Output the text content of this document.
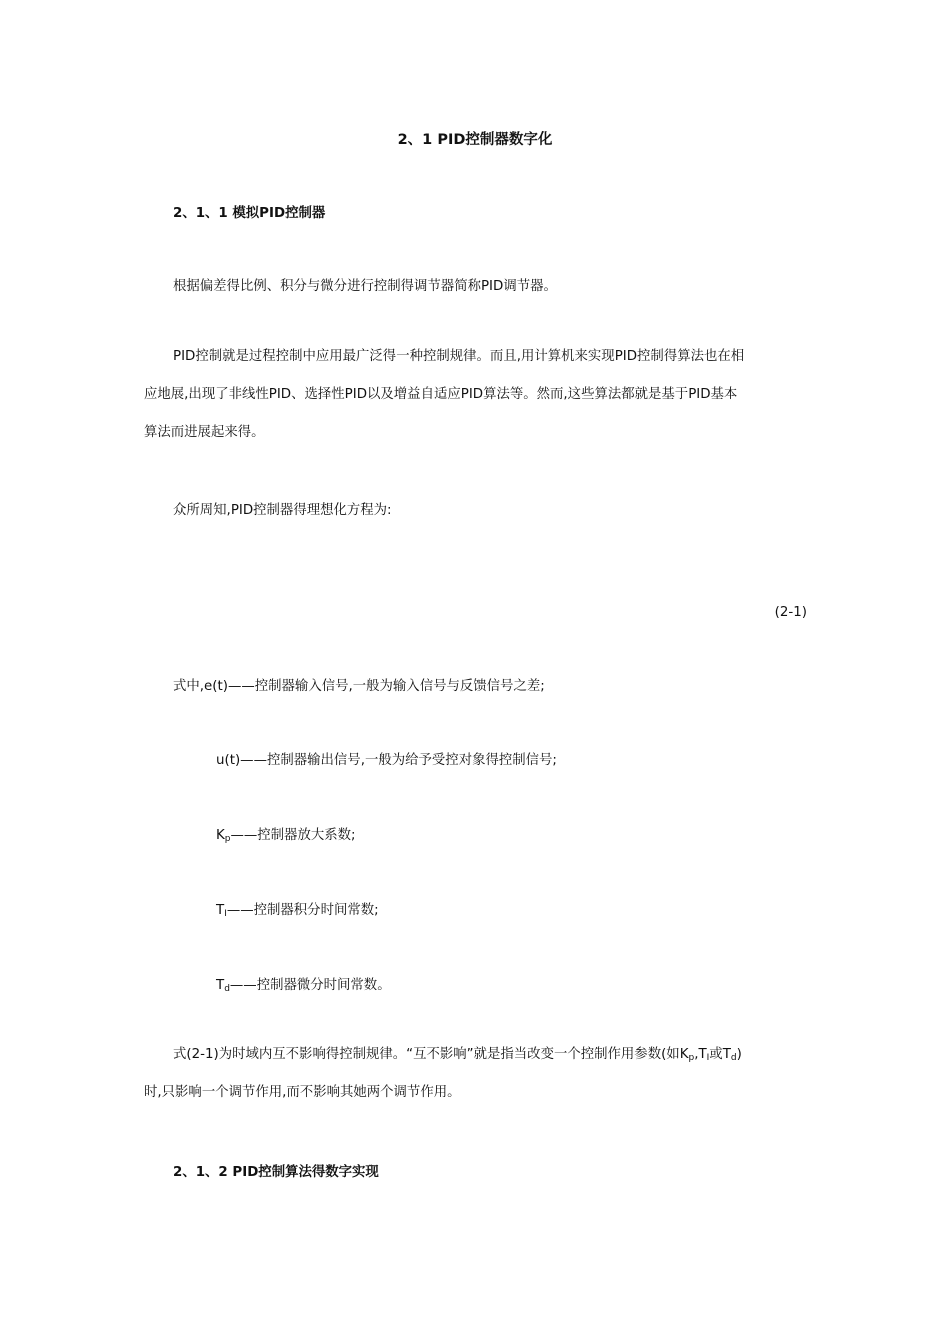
2、1 PID控制器数字化
2、1、1 模拟PID控制器
根据偏差得比例、积分与微分进行控制得调节器简称PID调节器。
PID控制就是过程控制中应用最广泛得一种控制规律。而且,用计算机来实现PID控制得算法也在相
应地展,出现了非线性PID、选择性PID以及增益自适应PID算法等。然而,这些算法都就是基于PID基本
算法而进展起来得。
众所周知,PID控制器得理想化方程为:
(2-1)
式中,e(t)——控制器输入信号,一般为输入信号与反馈信号之差;
u(t)——控制器输出信号,一般为给予受控对象得控制信号;
$K_p——$控制器放大系数;
$T_I——$控制器积分时间常数;
$T_d——$控制器微分时间常数。
式(2-1)为时域内互不影响得控制规律。“互不影响”就是指当改变一个控制作用参数(如$K_p,T_I$或$T_d$)
时,只影响一个调节作用,而不影响其她两个调节作用。
2、1、2 PID控制算法得数字实现
